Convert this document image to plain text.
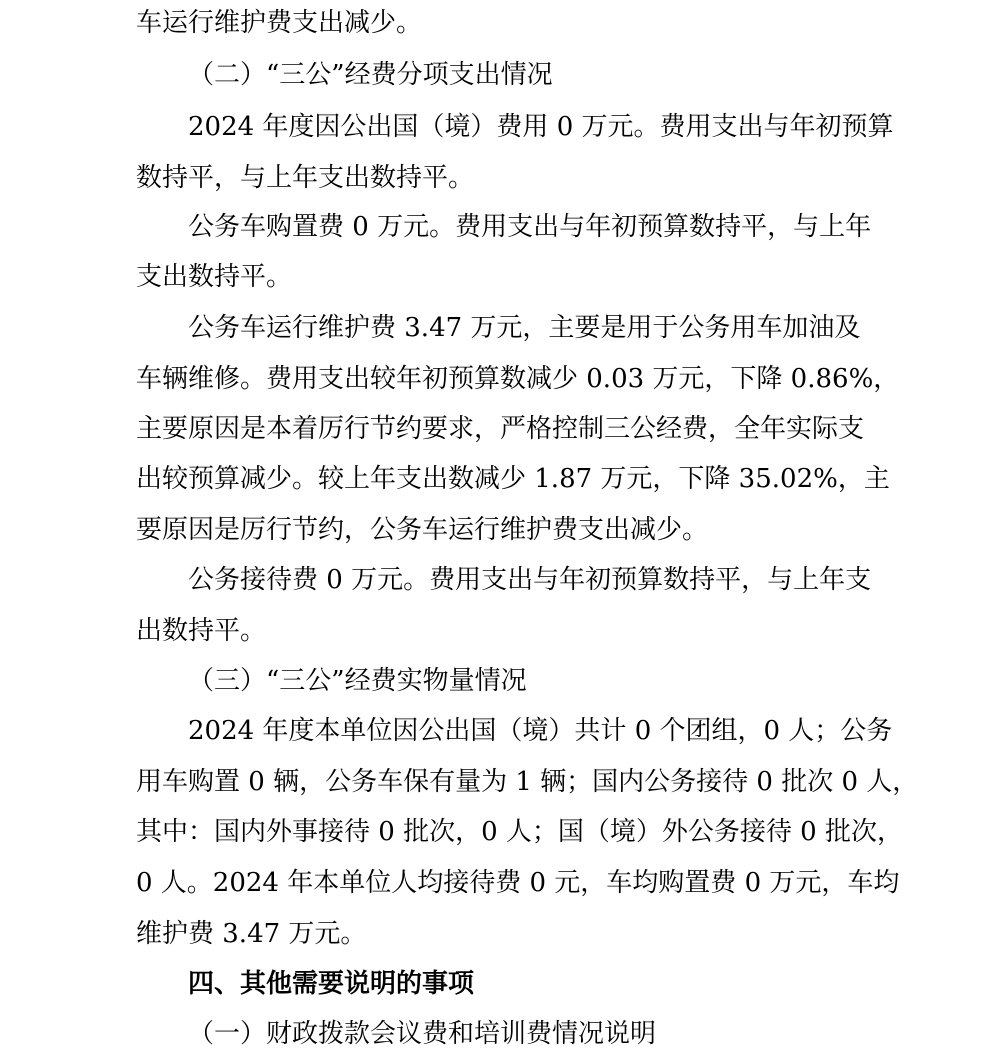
车运行维护费支出减少。
（二）“三公”经费分项支出情况
2024 年度因公出国（境）费用 0 万元。费用支出与年初预算
数持平，与上年支出数持平。
公务车购置费 0 万元。费用支出与年初预算数持平，与上年
支出数持平。
公务车运行维护费 3.47 万元，主要是用于公务用车加油及
车辆维修。费用支出较年初预算数减少 0.03 万元，下降 0.86%，
主要原因是本着厉行节约要求，严格控制三公经费，全年实际支
出较预算减少。较上年支出数减少 1.87 万元，下降 35.02%，主
要原因是厉行节约，公务车运行维护费支出减少。
公务接待费 0 万元。费用支出与年初预算数持平，与上年支
出数持平。
（三）“三公”经费实物量情况
2024 年度本单位因公出国（境）共计 0 个团组，0 人；公务
用车购置 0 辆，公务车保有量为 1 辆；国内公务接待 0 批次 0 人，
其中：国内外事接待 0 批次，0 人；国（境）外公务接待 0 批次，
0 人。2024 年本单位人均接待费 0 元，车均购置费 0 万元，车均
维护费 3.47 万元。
四、其他需要说明的事项
（一）财政拨款会议费和培训费情况说明
